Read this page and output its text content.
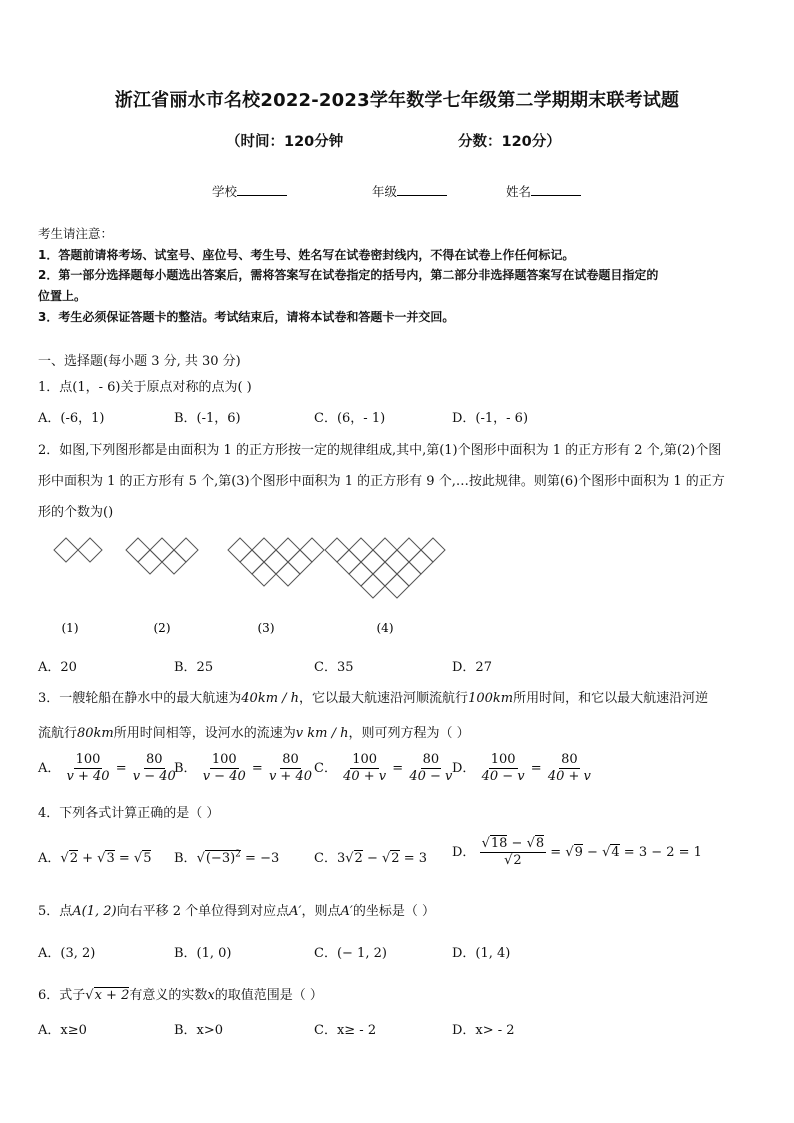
浙江省丽水市名校2022-2023学年数学七年级第二学期期末联考试题
（时间：120分钟	分数：120分）
学校	年级	姓名
考生请注意：
1．答题前请将考场、试室号、座位号、考生号、姓名写在试卷密封线内，不得在试卷上作任何标记。
2．第一部分选择题每小题选出答案后，需将答案写在试卷指定的括号内，第二部分非选择题答案写在试卷题目指定的
位置上。
3．考生必须保证答题卡的整洁。考试结束后，请将本试卷和答题卡一并交回。
一、选择题(每小题 3 分, 共 30 分)
1．点(1，- 6)关于原点对称的点为( )
A．(-6，1)	B．(-1，6)	C．(6，- 1)	D．(-1，- 6)
2．如图,下列图形都是由面积为 1 的正方形按一定的规律组成,其中,第(1)个图形中面积为 1 的正方形有 2 个,第(2)个图
形中面积为 1 的正方形有 5 个,第(3)个图形中面积为 1 的正方形有 9 个,…按此规律。则第(6)个图形中面积为 1 的正方
形的个数为()
(1)	(2)	(3)	(4)
A．20	B．25	C．35	D．27
3．一艘轮船在静水中的最大航速为40km / h，它以最大航速沿河顺流航行100km所用时间，和它以最大航速沿河逆
流航行80km所用时间相等，设河水的流速为v km / h，则可列方程为（ ）
A． $\frac{100}{v + 40} = \frac{80}{v - 40}$
B． $\frac{100}{v - 40} = \frac{80}{v + 40}$ C． $\frac{100}{40 + v} = \frac{80}{40 - v}$
D． $\frac{100}{40 - v} = \frac{80}{40 + v}$
4．下列各式计算正确的是（ ）
A．√2 + √3 = √5 B．$√(-3)^2 = -3$	C．3√2 − √2 = 3 D． $\frac{√18 - √8}{√2} = √9 - √4 = 3 - 2 = 1$
5．点A(1, 2)向右平移 2 个单位得到对应点A′，则点A′的坐标是（ ）
A．(3, 2)	B．(1, 0)	C．(− 1, 2)	D．(1, 4)
6．式子√x + 2有意义的实数x的取值范围是（ ）
A．x≥0	B．x>0	C．x≥ - 2	D．x> - 2
